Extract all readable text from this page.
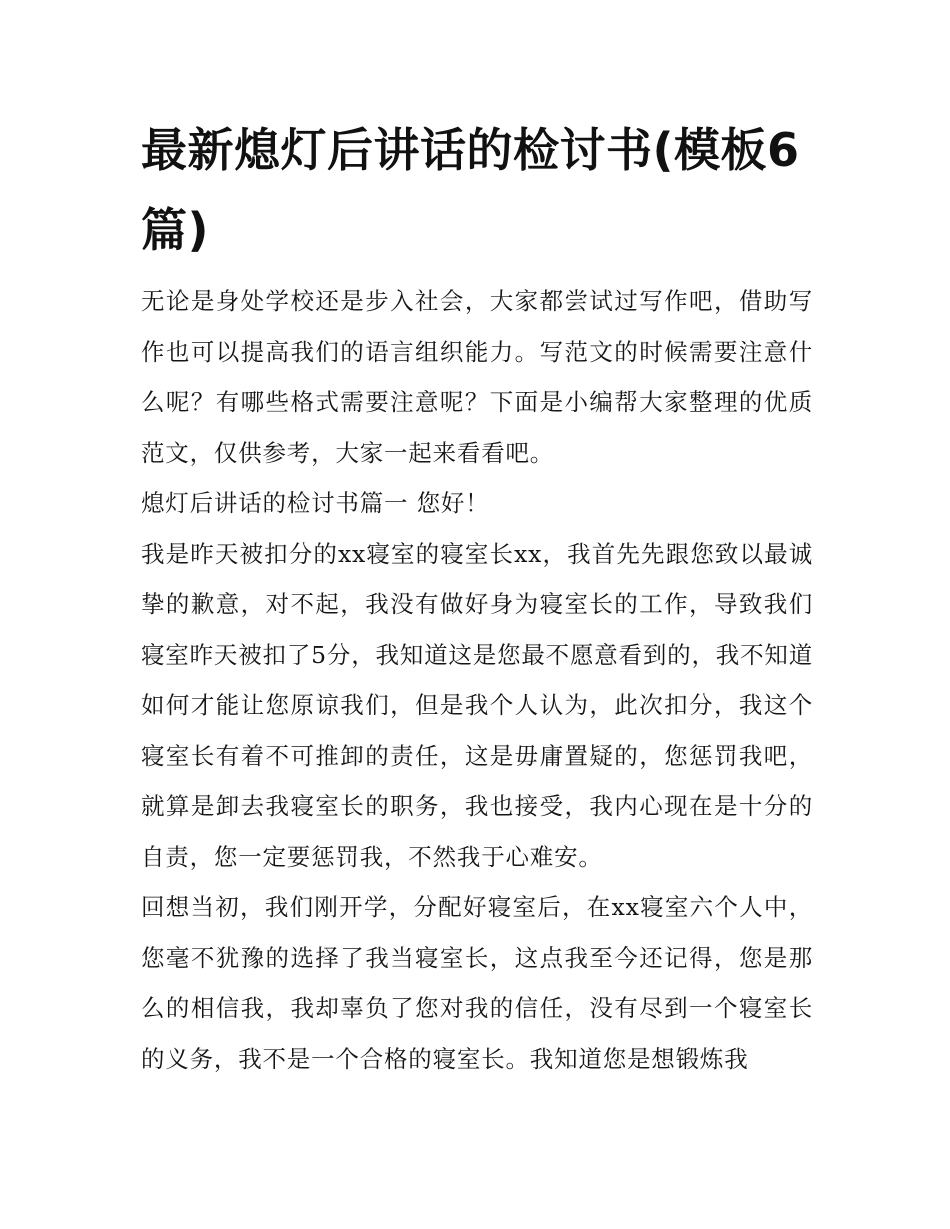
最新熄灯后讲话的检讨书(模板6篇)

无论是身处学校还是步入社会，大家都尝试过写作吧，借助写作也可以提高我们的语言组织能力。写范文的时候需要注意什么呢？有哪些格式需要注意呢？下面是小编帮大家整理的优质范文，仅供参考，大家一起来看看吧。

熄灯后讲话的检讨书篇一 您好！

我是昨天被扣分的xx寝室的寝室长xx，我首先先跟您致以最诚挚的歉意，对不起，我没有做好身为寝室长的工作，导致我们寝室昨天被扣了5分，我知道这是您最不愿意看到的，我不知道如何才能让您原谅我们，但是我个人认为，此次扣分，我这个寝室长有着不可推卸的责任，这是毋庸置疑的，您惩罚我吧，就算是卸去我寝室长的职务，我也接受，我内心现在是十分的自责，您一定要惩罚我，不然我于心难安。

回想当初，我们刚开学，分配好寝室后，在xx寝室六个人中，您毫不犹豫的选择了我当寝室长，这点我至今还记得，您是那么的相信我，我却辜负了您对我的信任，没有尽到一个寝室长的义务，我不是一个合格的寝室长。我知道您是想锻炼我
